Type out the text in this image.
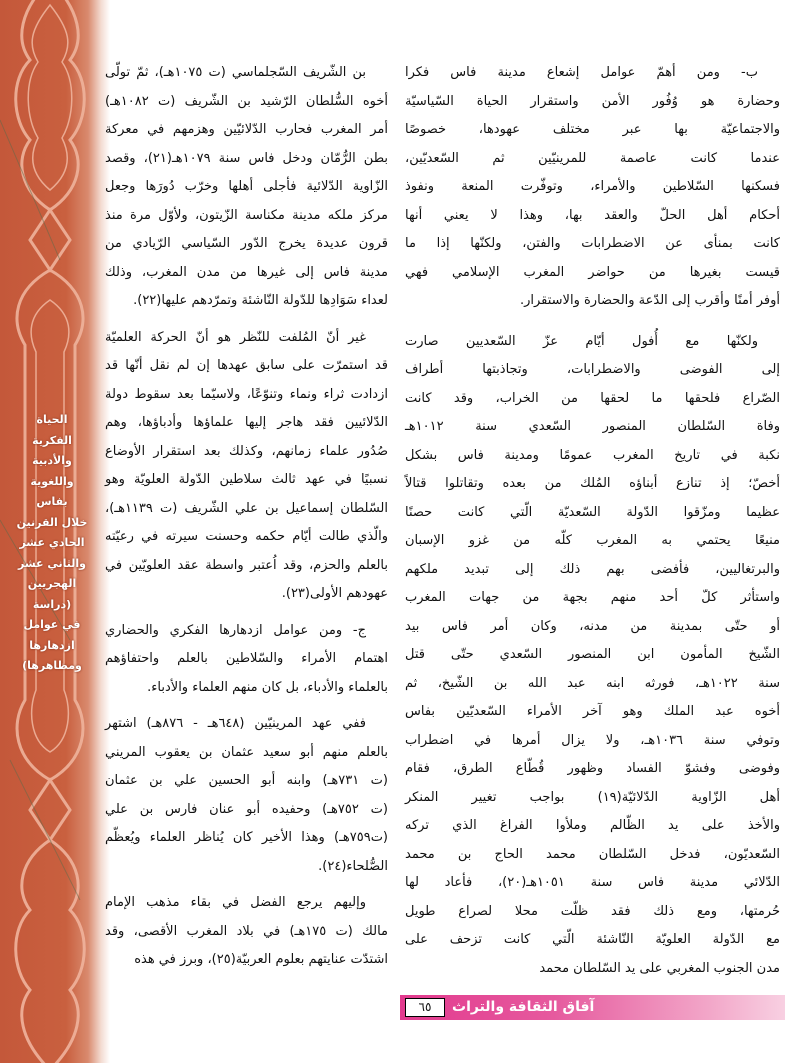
الحياة
الفكرية
والأدبية
واللغوية
بفاس
خلال القرنين
الحادي عشر
والثاني عشر
الهجريين
(دراسة
في عوامل
ازدهارها
ومظاهرها)
ب- ومن أهمّ عوامل إشعاع مدينة فاس فكرا
وحضارة هو وُفُور الأمن واستقرار الحياة السّياسيّة
والاجتماعيّة بها عبر مختلف عهودها، خصوصًا
عندما كانت عاصمة للمرينيّين ثم السّعديّين،
فسكنها السّلاطين والأمراء، وتوفّرت المنعة ونفوذ
أحكام أهل الحلّ والعقد بها، وهذا لا يعني أنها
كانت بمنأى عن الاضطرابات والفتن، ولكنّها إذا ما
قيست بغيرها من حواضر المغرب الإسلامي فهي
أوفر أمنًا وأقرب إلى الدّعة والحضارة والاستقرار.
ولكنّها مع أُفول أيّام عزّ السّعديين صارت
إلى الفوضى والاضطرابات، وتجاذبتها أطراف
الصّراع فلحقها ما لحقها من الخراب، وقد كانت
وفاة السّلطان المنصور السّعدي سنة ١٠١٢هـ
نكبة في تاريخ المغرب عمومًا ومدينة فاس بشكل
أخصّ؛ إذ تنازع أبناؤه المُلك من بعده وتقاتلوا قتالاً
عظيما ومزّقوا الدّولة السّعديّة الّتي كانت حصنًا
منيعًا يحتمي به المغرب كلّه من غزو الإسبان
والبرتغاليين، فأفضى بهم ذلك إلى تبديد ملكهم
واستأثر كلّ أحد منهم بجهة من جهات المغرب
أو حتّى بمدينة من مدنه، وكان أمر فاس بيد
الشّيخ المأمون ابن المنصور السّعدي حتّى قتل
سنة ١٠٢٢هـ، فورثه ابنه عبد الله بن الشّيخ، ثم
أخوه عبد الملك وهو آخر الأمراء السّعديّين بفاس
وتوفي سنة ١٠٣٦هـ، ولا يزال أمرها في اضطراب
وفوضى وفشوّ الفساد وظهور قُطّاع الطرق، فقام
أهل الزّاوية الدّلائيّة(١٩) بواجب تغيير المنكر
والأخذ على يد الظّالم وملأوا الفراغ الذي تركه
السّعديّون، فدخل السّلطان محمد الحاج بن محمد
الدّلائي مدينة فاس سنة ١٠٥١هـ(٢٠)، فأعاد لها
حُرمتها، ومع ذلك فقد ظلّت محلا لصراع طويل
مع الدّولة العلويّة النّاشئة الّتي كانت تزحف على
مدن الجنوب المغربي على يد السّلطان محمد
بن الشّريف السّجلماسي (ت ١٠٧٥هـ)، ثمّ تولّى
أخوه السُّلطان الرّشيد بن الشّريف (ت ١٠٨٢هـ)
أمر المغرب فحارب الدّلائيّين وهزمهم في معركة
بطن الرُّمّان ودخل فاس سنة ١٠٧٩هـ(٢١)، وقصد
الزّاوية الدّلائية فأجلى أهلها وخرّب دُورَها وجعل
مركز ملكه مدينة مكناسة الزّيتون، ولأوّل مرة منذ
قرون عديدة يخرج الدّور السّياسي الرّيادي من
مدينة فاس إلى غيرها من مدن المغرب، وذلك
لعداء سَوَادِها للدّولة النّاشئة وتمرّدهم عليها(٢٢).
غير أنّ المُلفت للنّظر هو أنّ الحركة العلميّة
قد استمرّت على سابق عهدها إن لم نقل أنّها قد
ازدادت ثراء ونماء وتنوّعًا، ولاسيّما بعد سقوط دولة
الدّلائيين فقد هاجر إليها علماؤها وأدباؤها، وهم
صُدُور علماء زمانهم، وكذلك بعد استقرار الأوضاع
نسبيًا في عهد ثالث سلاطين الدّولة العلويّة وهو
السّلطان إسماعيل بن علي الشّريف (ت ١١٣٩هـ)،
والّذي طالت أيّام حكمه وحسنت سيرته في رعيّته
بالعلم والحزم، وقد اُعتبر واسطة عقد العلويّين في
عهودهم الأولى(٢٣).
ج- ومن عوامل ازدهارها الفكري والحضاري
اهتمام الأمراء والسّلاطين بالعلم واحتفاؤهم
بالعلماء والأدباء، بل كان منهم العلماء والأدباء.
ففي عهد المرينيّين (٦٤٨هـ - ٨٧٦هـ) اشتهر
بالعلم منهم أبو سعيد عثمان بن يعقوب المريني
(ت ٧٣١هـ) وابنه أبو الحسين علي بن عثمان
(ت ٧٥٢هـ) وحفيده أبو عنان فارس بن علي
(ت٧٥٩هـ) وهذا الأخير كان يُناظر العلماء ويُعظّم
الصُّلحاء(٢٤).
وإليهم يرجع الفضل في بقاء مذهب الإمام
مالك (ت ١٧٥هـ) في بلاد المغرب الأقصى، وقد
اشتدّت عنايتهم بعلوم العربيّة(٢٥)، وبرز في هذه
٦٥	آفاق الثقافة والتراث
